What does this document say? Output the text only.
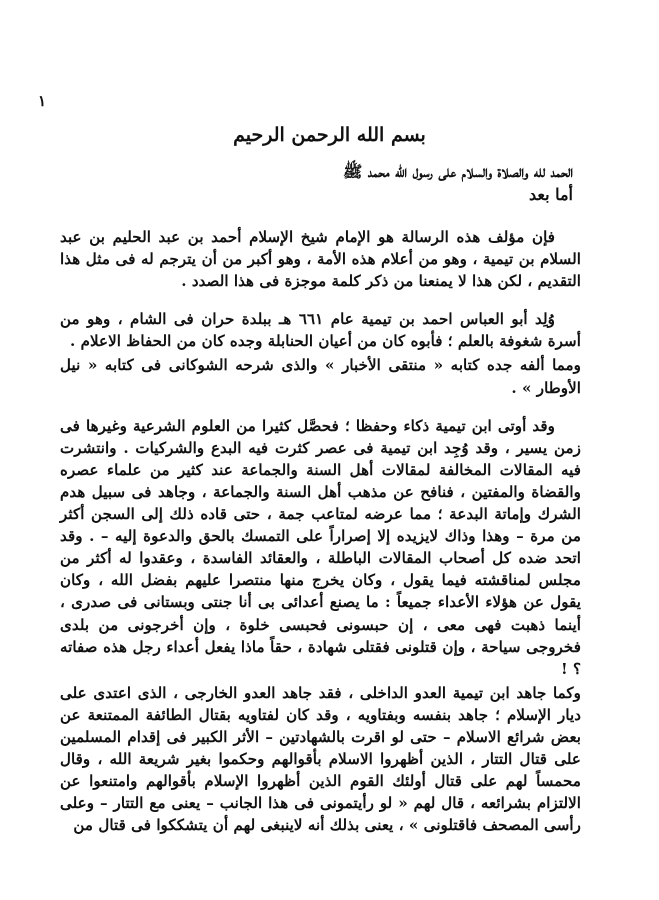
١
بسم الله الرحمن الرحيم
الحمد لله والصلاة والسلام على رسول الله محمد ﷺ
أما بعد

فإن مؤلف هذه الرسالة هو الإمام شيخ الإسلام أحمد بن عبد الحليم بن عبد السلام بن تيمية ، وهو من أعلام هذه الأمة ، وهو أكبر من أن يترجم له فى مثل هذا التقديم ، لكن هذا لا يمنعنا من ذكر كلمة موجزة فى هذا الصدد .

وُلِد أبو العباس احمد بن تيمية عام ٦٦١ هـ ببلدة حران فى الشام ، وهو من أسرة شغوفة بالعلم ؛ فأبوه كان من أعيان الحنابلة وجده كان من الحفاظ الاعلام .

ومما ألفه جده كتابه « منتقى الأخبار » والذى شرحه الشوكانى فى كتابه « نيل الأوطار » .

وقد أوتى ابن تيمية ذكاء وحفظا ؛ فحصَّل كثيرا من العلوم الشرعية وغيرها فى زمن يسير ، وقد وُجِد ابن تيمية فى عصر كثرت فيه البدع والشركيات . وانتشرت فيه المقالات المخالفة لمقالات أهل السنة والجماعة عند كثير من علماء عصره والقضاة والمفتين ، فنافح عن مذهب أهل السنة والجماعة ، وجاهد فى سبيل هدم الشرك وإماتة البدعة ؛ مما عرضه لمتاعب جمة ، حتى قاده ذلك إلى السجن أكثر من مرة – وهذا وذاك لايزيده إلا إصراراً على التمسك بالحق والدعوة إليه – . وقد اتحد ضده كل أصحاب المقالات الباطلة ، والعقائد الفاسدة ، وعقدوا له أكثر من مجلس لمناقشته فيما يقول ، وكان يخرج منها منتصرا عليهم بفضل الله ، وكان يقول عن هؤلاء الأعداء جميعاً : ما يصنع أعدائى بى أنا جنتى وبستانى فى صدرى ، أينما ذهبت فهى معى ، إن حبسونى فحبسى خلوة ، وإن أخرجونى من بلدى فخروجى سياحة ، وإن قتلونى فقتلى شهادة ، حقاً ماذا يفعل أعداء رجل هذه صفاته ؟ !

وكما جاهد ابن تيمية العدو الداخلى ، فقد جاهد العدو الخارجى ، الذى اعتدى على ديار الإسلام ؛ جاهد بنفسه وبفتاويه ، وقد كان لفتاويه بقتال الطائفة الممتنعة عن بعض شرائع الاسلام – حتى لو اقرت بالشهادتين – الأثر الكبير فى إقدام المسلمين على قتال التتار ، الذين أظهروا الاسلام بأقوالهم وحكموا بغير شريعة الله ، وقال محمساً لهم على قتال أولئك القوم الذين أظهروا الإسلام بأقوالهم وامتنعوا عن الالتزام بشرائعه ، قال لهم « لو رأيتمونى فى هذا الجانب – يعنى مع التتار – وعلى رأسى المصحف فاقتلونى » ، يعنى بذلك أنه لاينبغى لهم أن يتشككوا فى قتال من
